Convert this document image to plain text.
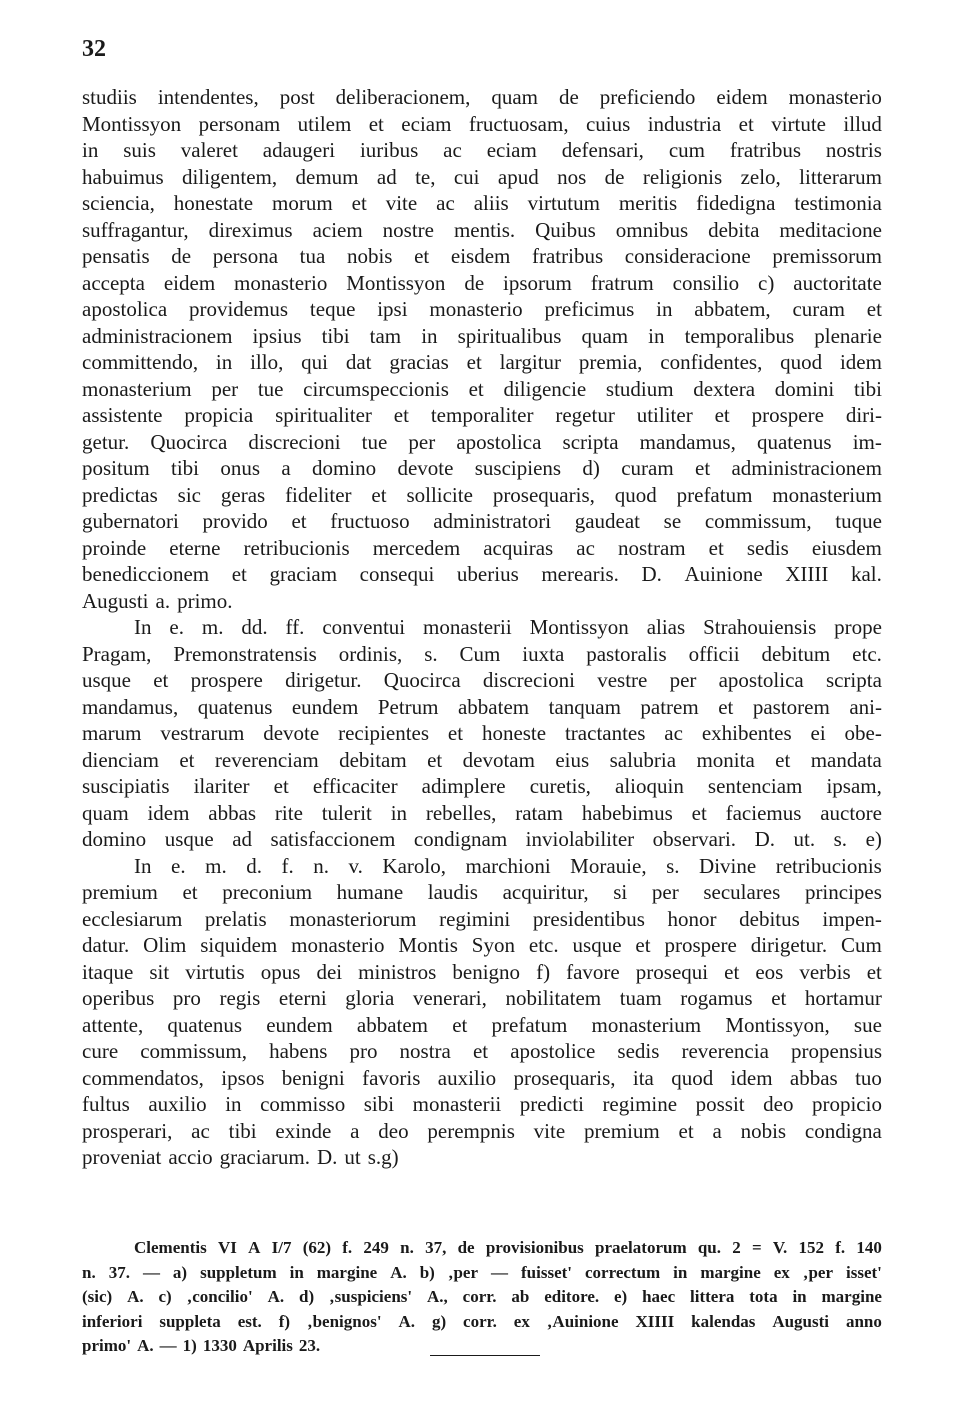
32
studiis intendentes, post deliberacionem, quam de preficiendo eidem monasterio
Montissyon personam utilem et eciam fructuosam, cuius industria et virtute illud
in suis valeret adaugeri iuribus ac eciam defensari, cum fratribus nostris
habuimus diligentem, demum ad te, cui apud nos de religionis zelo, litterarum
sciencia, honestate morum et vite ac aliis virtutum meritis fidedigna testimonia
suffragantur, direximus aciem nostre mentis. Quibus omnibus debita meditacione
pensatis de persona tua nobis et eisdem fratribus consideracione premissorum
accepta eidem monasterio Montissyon de ipsorum fratrum consilio c) auctoritate
apostolica providemus teque ipsi monasterio preficimus in abbatem, curam et
administracionem ipsius tibi tam in spiritualibus quam in temporalibus plenarie
committendo, in illo, qui dat gracias et largitur premia, confidentes, quod idem
monasterium per tue circumspeccionis et diligencie studium dextera domini tibi
assistente propicia spiritualiter et temporaliter regetur utiliter et prospere diri-
getur. Quocirca discrecioni tue per apostolica scripta mandamus, quatenus im-
positum tibi onus a domino devote suscipiens d) curam et administracionem
predictas sic geras fideliter et sollicite prosequaris, quod prefatum monasterium
gubernatori provido et fructuoso administratori gaudeat se commissum, tuque
proinde eterne retribucionis mercedem acquiras ac nostram et sedis eiusdem
benediccionem et graciam consequi uberius merearis. D. Auinione XIIII kal.
Augusti a. primo.
In e. m. dd. ff. conventui monasterii Montissyon alias Strahouiensis prope
Pragam, Premonstratensis ordinis, s. Cum iuxta pastoralis officii debitum etc.
usque et prospere dirigetur. Quocirca discrecioni vestre per apostolica scripta
mandamus, quatenus eundem Petrum abbatem tanquam patrem et pastorem ani-
marum vestrarum devote recipientes et honeste tractantes ac exhibentes ei obe-
dienciam et reverenciam debitam et devotam eius salubria monita et mandata
suscipiatis ilariter et efficaciter adimplere curetis, alioquin sentenciam ipsam,
quam idem abbas rite tulerit in rebelles, ratam habebimus et faciemus auctore
domino usque ad satisfaccionem condignam inviolabiliter observari. D. ut. s. e)
In e. m. d. f. n. v. Karolo, marchioni Morauie, s. Divine retribucionis
premium et preconium humane laudis acquiritur, si per seculares principes
ecclesiarum prelatis monasteriorum regimini presidentibus honor debitus impen-
datur. Olim siquidem monasterio Montis Syon etc. usque et prospere dirigetur. Cum
itaque sit virtutis opus dei ministros benigno f) favore prosequi et eos verbis et
operibus pro regis eterni gloria venerari, nobilitatem tuam rogamus et hortamur
attente, quatenus eundem abbatem et prefatum monasterium Montissyon, sue
cure commissum, habens pro nostra et apostolice sedis reverencia propensius
commendatos, ipsos benigni favoris auxilio prosequaris, ita quod idem abbas tuo
fultus auxilio in commisso sibi monasterii predicti regimine possit deo propicio
prosperari, ac tibi exinde a deo perempnis vite premium et a nobis condigna
proveniat accio graciarum. D. ut s.g)
Clementis VI A I/7 (62) f. 249 n. 37, de provisionibus praelatorum qu. 2 = V. 152 f. 140
n. 37. — a) suppletum in margine A. b) ‚per — fuisset' correctum in margine ex ‚per isset'
(sic) A. c) ‚concilio' A. d) ‚suspiciens' A., corr. ab editore. e) haec littera tota in margine
inferiori suppleta est. f) ‚benignos' A. g) corr. ex ‚Auinione XIIII kalendas Augusti anno
primo' A. — 1) 1330 Aprilis 23.
